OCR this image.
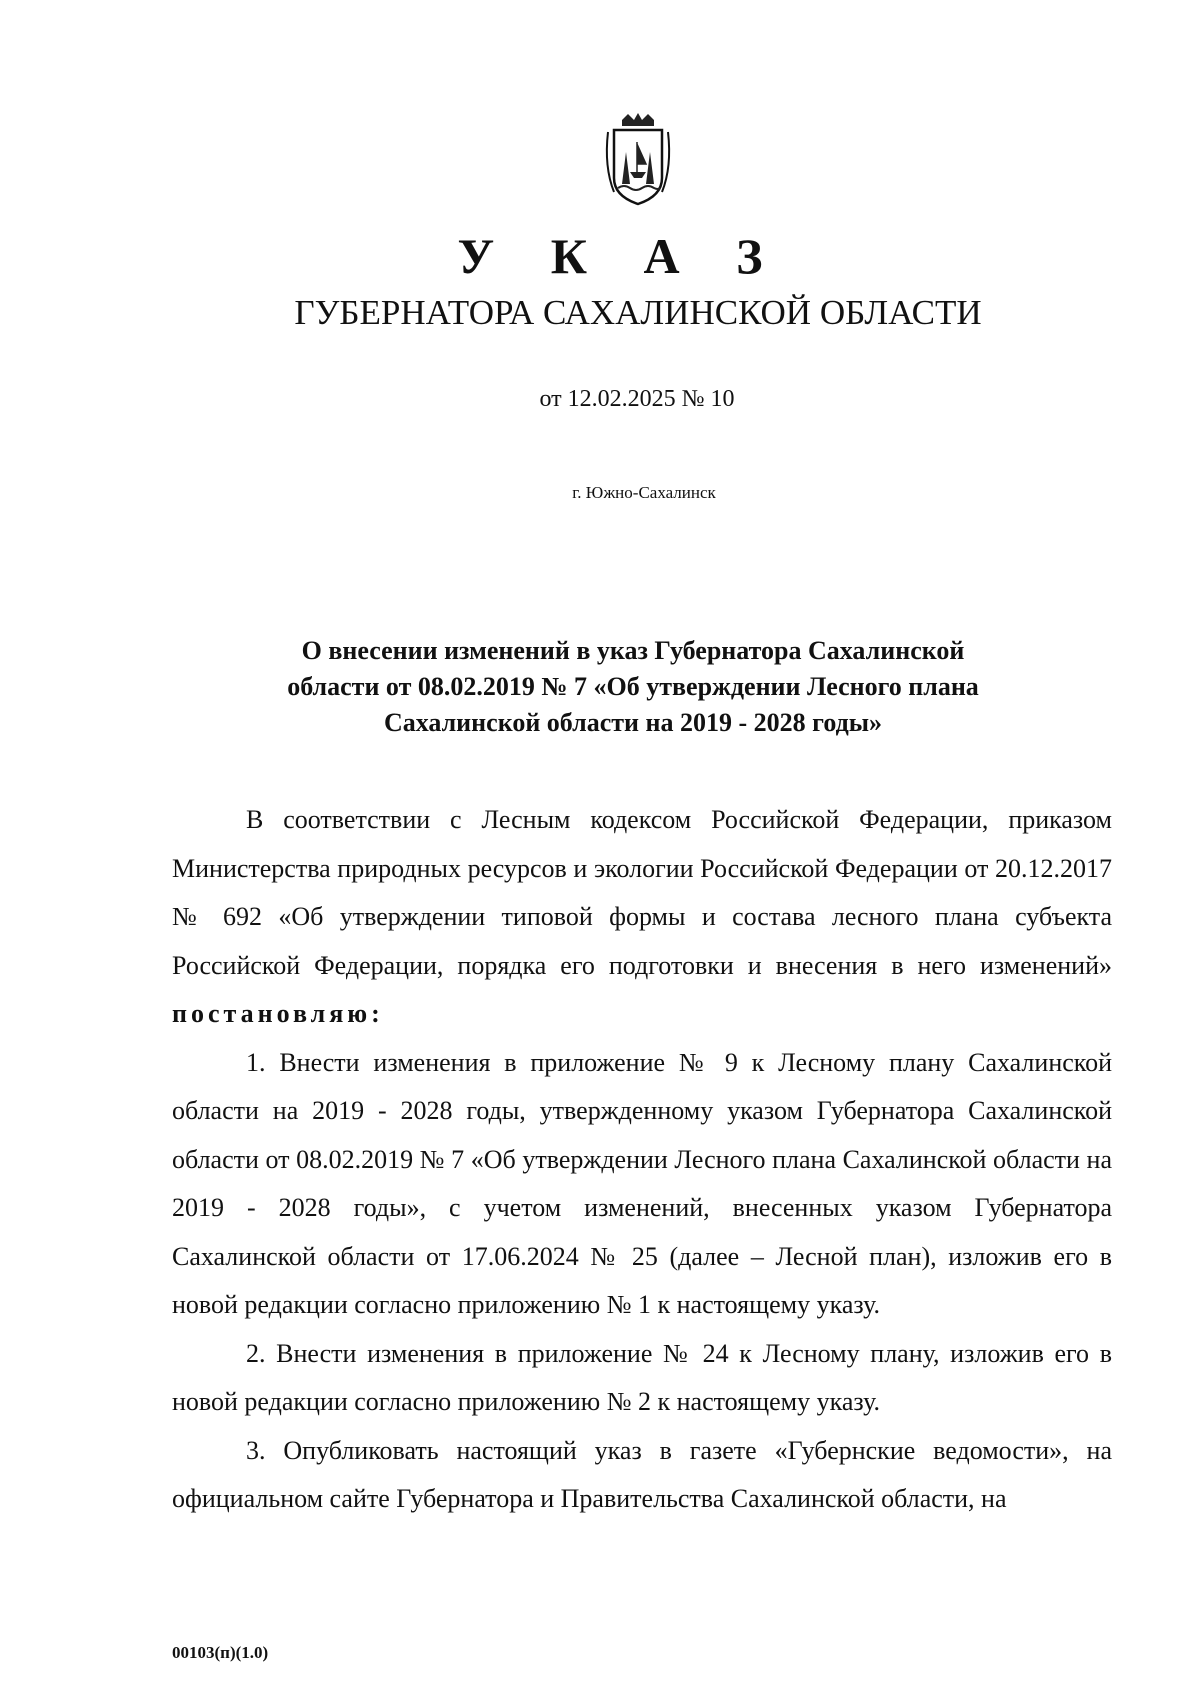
У К А З
ГУБЕРНАТОРА САХАЛИНСКОЙ ОБЛАСТИ
от 12.02.2025 № 10
г. Южно-Сахалинск
О внесении изменений в указ Губернатора Сахалинской
области от 08.02.2019 № 7 «Об утверждении Лесного плана
Сахалинской области на 2019 - 2028 годы»

В соответствии с Лесным кодексом Российской Федерации, приказом Министерства природных ресурсов и экологии Российской Федерации от 20.12.2017 № 692 «Об утверждении типовой формы и состава лесного плана субъекта Российской Федерации, порядка его подготовки и внесения в него изменений» постановляю:

1. Внести изменения в приложение № 9 к Лесному плану Сахалинской области на 2019 - 2028 годы, утвержденному указом Губернатора Сахалинской области от 08.02.2019 № 7 «Об утверждении Лесного плана Сахалинской области на 2019 - 2028 годы», с учетом изменений, внесенных указом Губернатора Сахалинской области от 17.06.2024 № 25 (далее – Лесной план), изложив его в новой редакции согласно приложению № 1 к настоящему указу.

2. Внести изменения в приложение № 24 к Лесному плану, изложив его в новой редакции согласно приложению № 2 к настоящему указу.

3. Опубликовать настоящий указ в газете «Губернские ведомости», на официальном сайте Губернатора и Правительства Сахалинской области, на

00103(п)(1.0)
